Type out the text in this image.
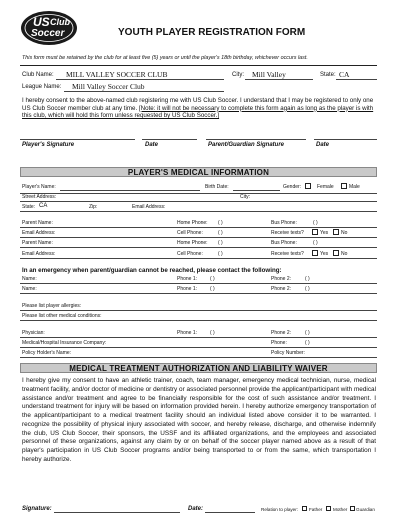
US Club
Soccer	YOUTH PLAYER REGISTRATION FORM
This form must be retained by the club for at least five (5) years or until the player's 18th birthday, whichever occurs last.
Club Name: MILL VALLEY SOCCER CLUB	City: Mill Valley	State: CA
League Name: Mill Valley Soccer Club
I hereby consent to the above-named club registering me with US Club Soccer. I understand that I may be registered to only one US Club Soccer member club at any time. [Note: it will not be necessary to complete this form again as long as the player is with this club, which will hold this form unless requested by US Club Soccer.]
Player's Signature	Date	Parent/Guardian Signature	Date
PLAYER'S MEDICAL INFORMATION
Player's Name:	Birth Date:	Gender:	Female	Male
Street Address:	City:
State: CA	Zip:	Email Address:
Parent Name:	Home Phone: ( )	Bus Phone:	( )
Email Address:	Cell Phone:	( )	Receive texts?	Yes	No
Parent Name:	Home Phone: ( )	Bus Phone:	( )
Email Address:	Cell Phone:	( )	Receive texts?	Yes	No
In an emergency when parent/guardian cannot be reached, please contact the following:
Name:	Phone 1:	( )	Phone 2:	( )
Name:	Phone 1:	( )	Phone 2:	( )
Please list player allergies:
Please list other medical conditions:
Physician:	Phone 1:	( )	Phone 2:	( )
Medical/Hospital Insurance Company:	Phone:	( )
Policy Holder's Name:	Policy Number:
MEDICAL TREATMENT AUTHORIZATION AND LIABILITY WAIVER
I hereby give my consent to have an athletic trainer, coach, team manager, emergency medical technician, nurse, medical treatment facility, and/or doctor of medicine or dentistry or associated personnel provide the applicant/participant with medical assistance and/or treatment and agree to be financially responsible for the cost of such assistance and/or treatment. I understand treatment for injury will be based on information provided herein. I hereby authorize emergency transportation of the applicant/participant to a medical treatment facility should an individual listed above consider it to be warranted. I recognize the possibility of physical injury associated with soccer, and hereby release, discharge, and otherwise indemnify the club, US Club Soccer, their sponsors, the USSF and its affiliated organizations, and the employees and associated personnel of these organizations, against any claim by or on behalf of the soccer player named above as a result of that player's participation in US Club Soccer programs and/or being transported to or from the same, which transportation I hereby authorize.
Signature:	Date:	Relation to player: Father Mother Guardian
